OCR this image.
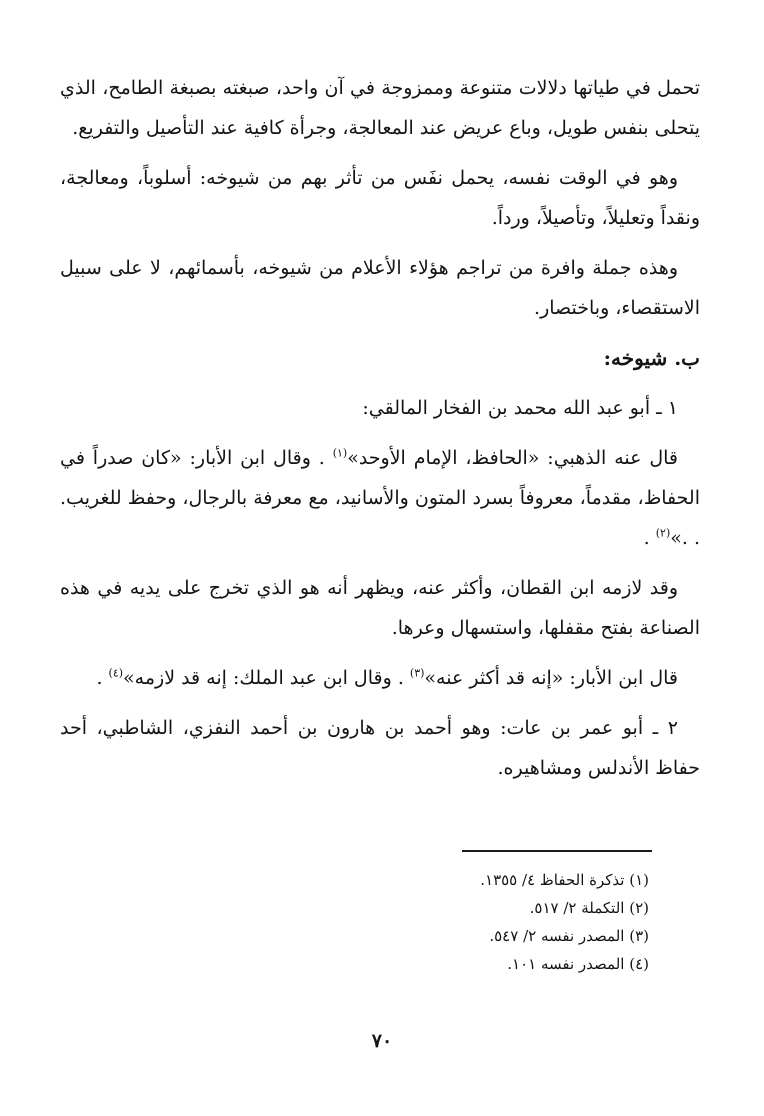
تحمل في طياتها دلالات متنوعة وممزوجة في آن واحد، صبغته بصبغة الطامح، الذي يتحلى بنفس طويل، وباع عريض عند المعالجة، وجرأة كافية عند التأصيل والتفريع.

وهو في الوقت نفسه، يحمل نفَس من تأثر بهم من شيوخه: أسلوباً، ومعالجة، ونقداً وتعليلاً، وتأصيلاً، ورداً.

وهذه جملة وافرة من تراجم هؤلاء الأعلام من شيوخه، بأسمائهم، لا على سبيل الاستقصاء، وباختصار.

ب. شيوخه:

١ ـ أبو عبد الله محمد بن الفخار المالقي:

قال عنه الذهبي: «الحافظ، الإمام الأوحد»$^{(١)}$ . وقال ابن الأبار: «كان صدراً في الحفاظ، مقدماً، معروفاً بسرد المتون والأسانيد، مع معرفة بالرجال، وحفظ للغريب. . .»$^{(٢)}$ .

وقد لازمه ابن القطان، وأكثر عنه، ويظهر أنه هو الذي تخرج على يديه في هذه الصناعة بفتح مقفلها، واستسهال وعرها.

قال ابن الأبار: «إنه قد أكثر عنه»$^{(٣)}$ . وقال ابن عبد الملك: إنه قد لازمه»$^{(٤)}$ .

٢ ـ أبو عمر بن عات: وهو أحمد بن هارون بن أحمد النفزي، الشاطبي، أحد حفاظ الأندلس ومشاهيره.

(١) تذكرة الحفاظ ٤/ ١٣٥٥.
(٢) التكملة ٢/ ٥١٧.
(٣) المصدر نفسه ٢/ ٥٤٧.
(٤) المصدر نفسه ١٠١.
٧٠
